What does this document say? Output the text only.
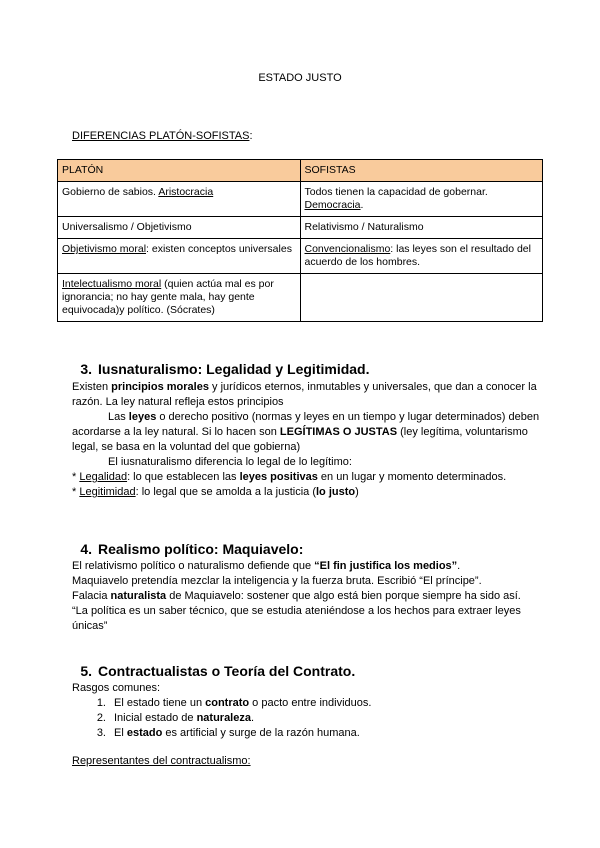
ESTADO JUSTO
DIFERENCIAS PLATÓN-SOFISTAS:
PLATÓN	SOFISTAS
Gobierno de sabios. Aristocracia	Todos tienen la capacidad de gobernar.
Democracia.
Universalismo / Objetivismo	Relativismo / Naturalismo
Objetivismo moral: existen conceptos universales	Convencionalismo: las leyes son el resultado del acuerdo de los hombres.
Intelectualismo moral (quien actúa mal es por ignorancia; no hay gente mala, hay gente equivocada)y político. (Sócrates)	
3. Iusnaturalismo: Legalidad y Legitimidad.
Existen principios morales y jurídicos eternos, inmutables y universales, que dan a conocer la razón. La ley natural refleja estos principios
Las leyes o derecho positivo (normas y leyes en un tiempo y lugar determinados) deben acordarse a la ley natural. Si lo hacen son LEGÍTIMAS O JUSTAS (ley legítima, voluntarismo legal, se basa en la voluntad del que gobierna)
El iusnaturalismo diferencia lo legal de lo legítimo:
* Legalidad: lo que establecen las leyes positivas en un lugar y momento determinados.
* Legitimidad: lo legal que se amolda a la justicia (lo justo)
4. Realismo político: Maquiavelo:
El relativismo político o naturalismo defiende que “El fin justifica los medios”.
Maquiavelo pretendía mezclar la inteligencia y la fuerza bruta. Escribió “El príncipe”.
Falacia naturalista de Maquiavelo: sostener que algo está bien porque siempre ha sido así.
“La política es un saber técnico, que se estudia ateniéndose a los hechos para extraer leyes únicas”
5. Contractualistas o Teoría del Contrato.
Rasgos comunes:
1. El estado tiene un contrato o pacto entre individuos.
2. Inicial estado de naturaleza.
3. El estado es artificial y surge de la razón humana.
Representantes del contractualismo:
